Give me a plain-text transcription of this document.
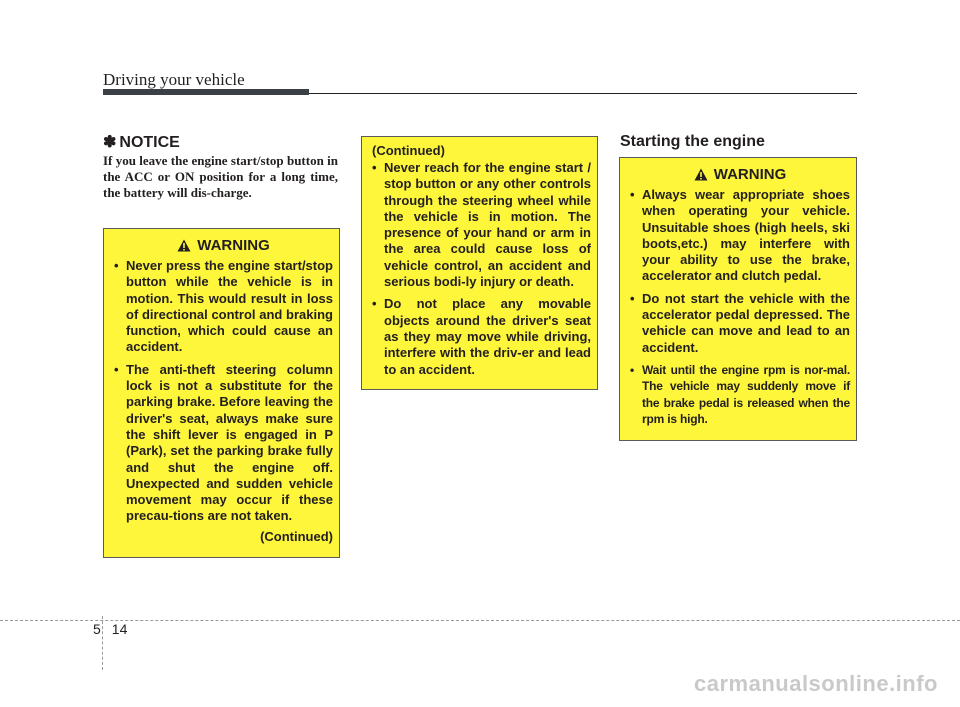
Driving your vehicle
✽ NOTICE
If you leave the engine start/stop button in the ACC or ON position for a long time, the battery will dis-charge.
WARNING
• Never press the engine start/stop button while the vehicle is in motion. This would result in loss of directional control and braking function, which could cause an accident.
• The anti-theft steering column lock is not a substitute for the parking brake. Before leaving the driver's seat, always make sure the shift lever is engaged in P (Park), set the parking brake fully and shut the engine off. Unexpected and sudden vehicle movement may occur if these precau-tions are not taken.
(Continued)
(Continued)
• Never reach for the engine start / stop button or any other controls through the steering wheel while the vehicle is in motion. The presence of your hand or arm in the area could cause loss of vehicle control, an accident and serious bodi-ly injury or death.
• Do not place any movable objects around the driver's seat as they may move while driving, interfere with the driv-er and lead to an accident.
Starting the engine
WARNING
• Always wear appropriate shoes when operating your vehicle. Unsuitable shoes (high heels, ski boots,etc.) may interfere with your ability to use the brake, accelerator and clutch pedal.
• Do not start the vehicle with the accelerator pedal depressed. The vehicle can move and lead to an accident.
• Wait until the engine rpm is nor-mal. The vehicle may suddenly move if the brake pedal is released when the rpm is high.
5 14
carmanualsonline.info
